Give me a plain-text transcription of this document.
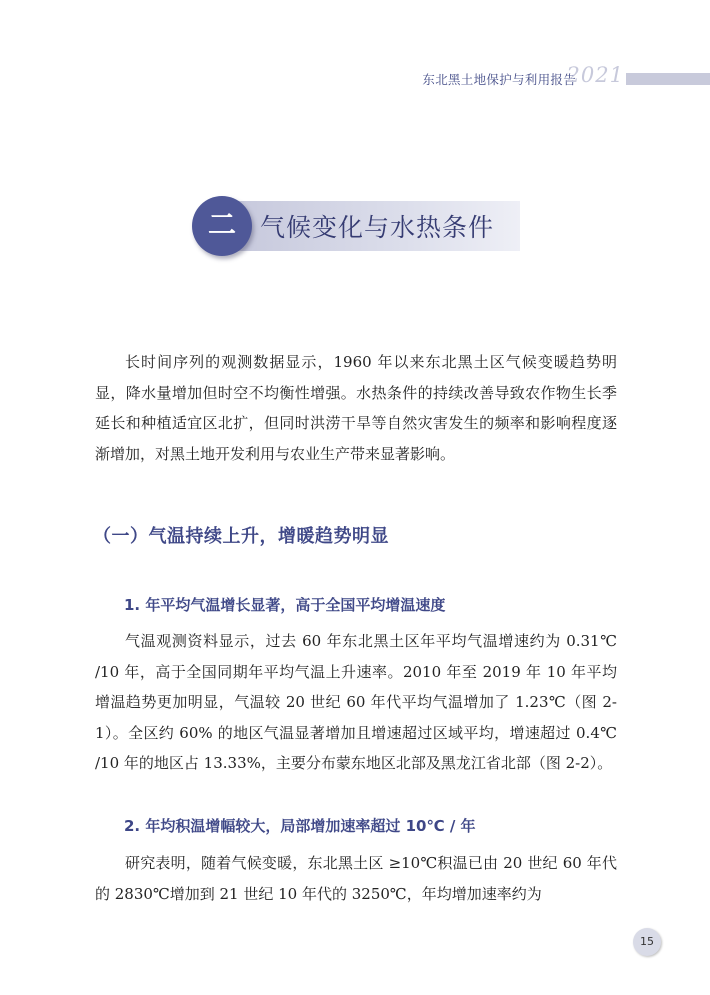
东北黑土地保护与利用报告
2021
二 气候变化与水热条件

长时间序列的观测数据显示，1960 年以来东北黑土区气候变暖趋势明显，降水量增加但时空不均衡性增强。水热条件的持续改善导致农作物生长季延长和种植适宜区北扩，但同时洪涝干旱等自然灾害发生的频率和影响程度逐渐增加，对黑土地开发利用与农业生产带来显著影响。

（一）气温持续上升，增暖趋势明显
1. 年平均气温增长显著，高于全国平均增温速度

气温观测资料显示，过去 60 年东北黑土区年平均气温增速约为 0.31℃ /10 年，高于全国同期年平均气温上升速率。2010 年至 2019 年 10 年平均增温趋势更加明显，气温较 20 世纪 60 年代平均气温增加了 1.23℃（图 2-1）。全区约 60% 的地区气温显著增加且增速超过区域平均，增速超过 0.4℃ /10 年的地区占 13.33%，主要分布蒙东地区北部及黑龙江省北部（图 2-2）。

2. 年均积温增幅较大，局部增加速率超过 10℃ / 年

研究表明，随着气候变暖，东北黑土区 ≥10℃积温已由 20 世纪 60 年代的 2830℃增加到 21 世纪 10 年代的 3250℃，年均增加速率约为

15
